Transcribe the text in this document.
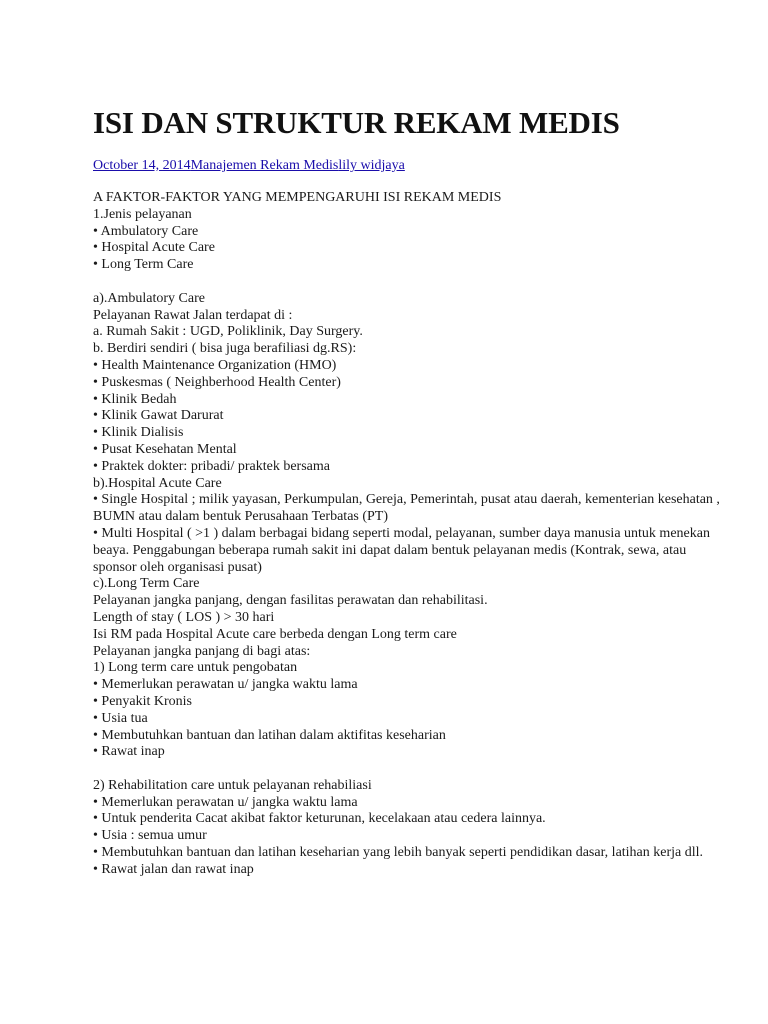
ISI DAN STRUKTUR REKAM MEDIS
October 14, 2014Manajemen Rekam Medislily widjaya
A FAKTOR-FAKTOR YANG MEMPENGARUHI ISI REKAM MEDIS
1.Jenis pelayanan
• Ambulatory Care
• Hospital Acute Care
• Long Term Care
a).Ambulatory Care
Pelayanan Rawat Jalan terdapat di :
a. Rumah Sakit : UGD, Poliklinik, Day Surgery.
b. Berdiri sendiri ( bisa juga berafiliasi dg.RS):
• Health Maintenance Organization (HMO)
• Puskesmas ( Neighberhood Health Center)
• Klinik Bedah
• Klinik Gawat Darurat
• Klinik Dialisis
• Pusat Kesehatan Mental
• Praktek dokter: pribadi/ praktek bersama
b).Hospital Acute Care
• Single Hospital ; milik yayasan, Perkumpulan, Gereja, Pemerintah, pusat atau daerah, kementerian kesehatan , BUMN atau dalam bentuk Perusahaan Terbatas (PT)
• Multi Hospital ( >1 ) dalam berbagai bidang seperti modal, pelayanan, sumber daya manusia untuk menekan beaya. Penggabungan beberapa rumah sakit ini dapat dalam bentuk pelayanan medis (Kontrak, sewa, atau sponsor oleh organisasi pusat)
c).Long Term Care
Pelayanan jangka panjang, dengan fasilitas perawatan dan rehabilitasi.
Length of stay ( LOS ) > 30 hari
Isi RM pada Hospital Acute care berbeda dengan Long term care
Pelayanan jangka panjang di bagi atas:
1) Long term care untuk pengobatan
• Memerlukan perawatan u/ jangka waktu lama
• Penyakit Kronis
• Usia tua
• Membutuhkan bantuan dan latihan dalam aktifitas keseharian
• Rawat inap
2) Rehabilitation care untuk pelayanan rehabiliasi
• Memerlukan perawatan u/ jangka waktu lama
• Untuk penderita Cacat akibat faktor keturunan, kecelakaan atau cedera lainnya.
• Usia : semua umur
• Membutuhkan bantuan dan latihan keseharian yang lebih banyak seperti pendidikan dasar, latihan kerja dll.
• Rawat jalan dan rawat inap
